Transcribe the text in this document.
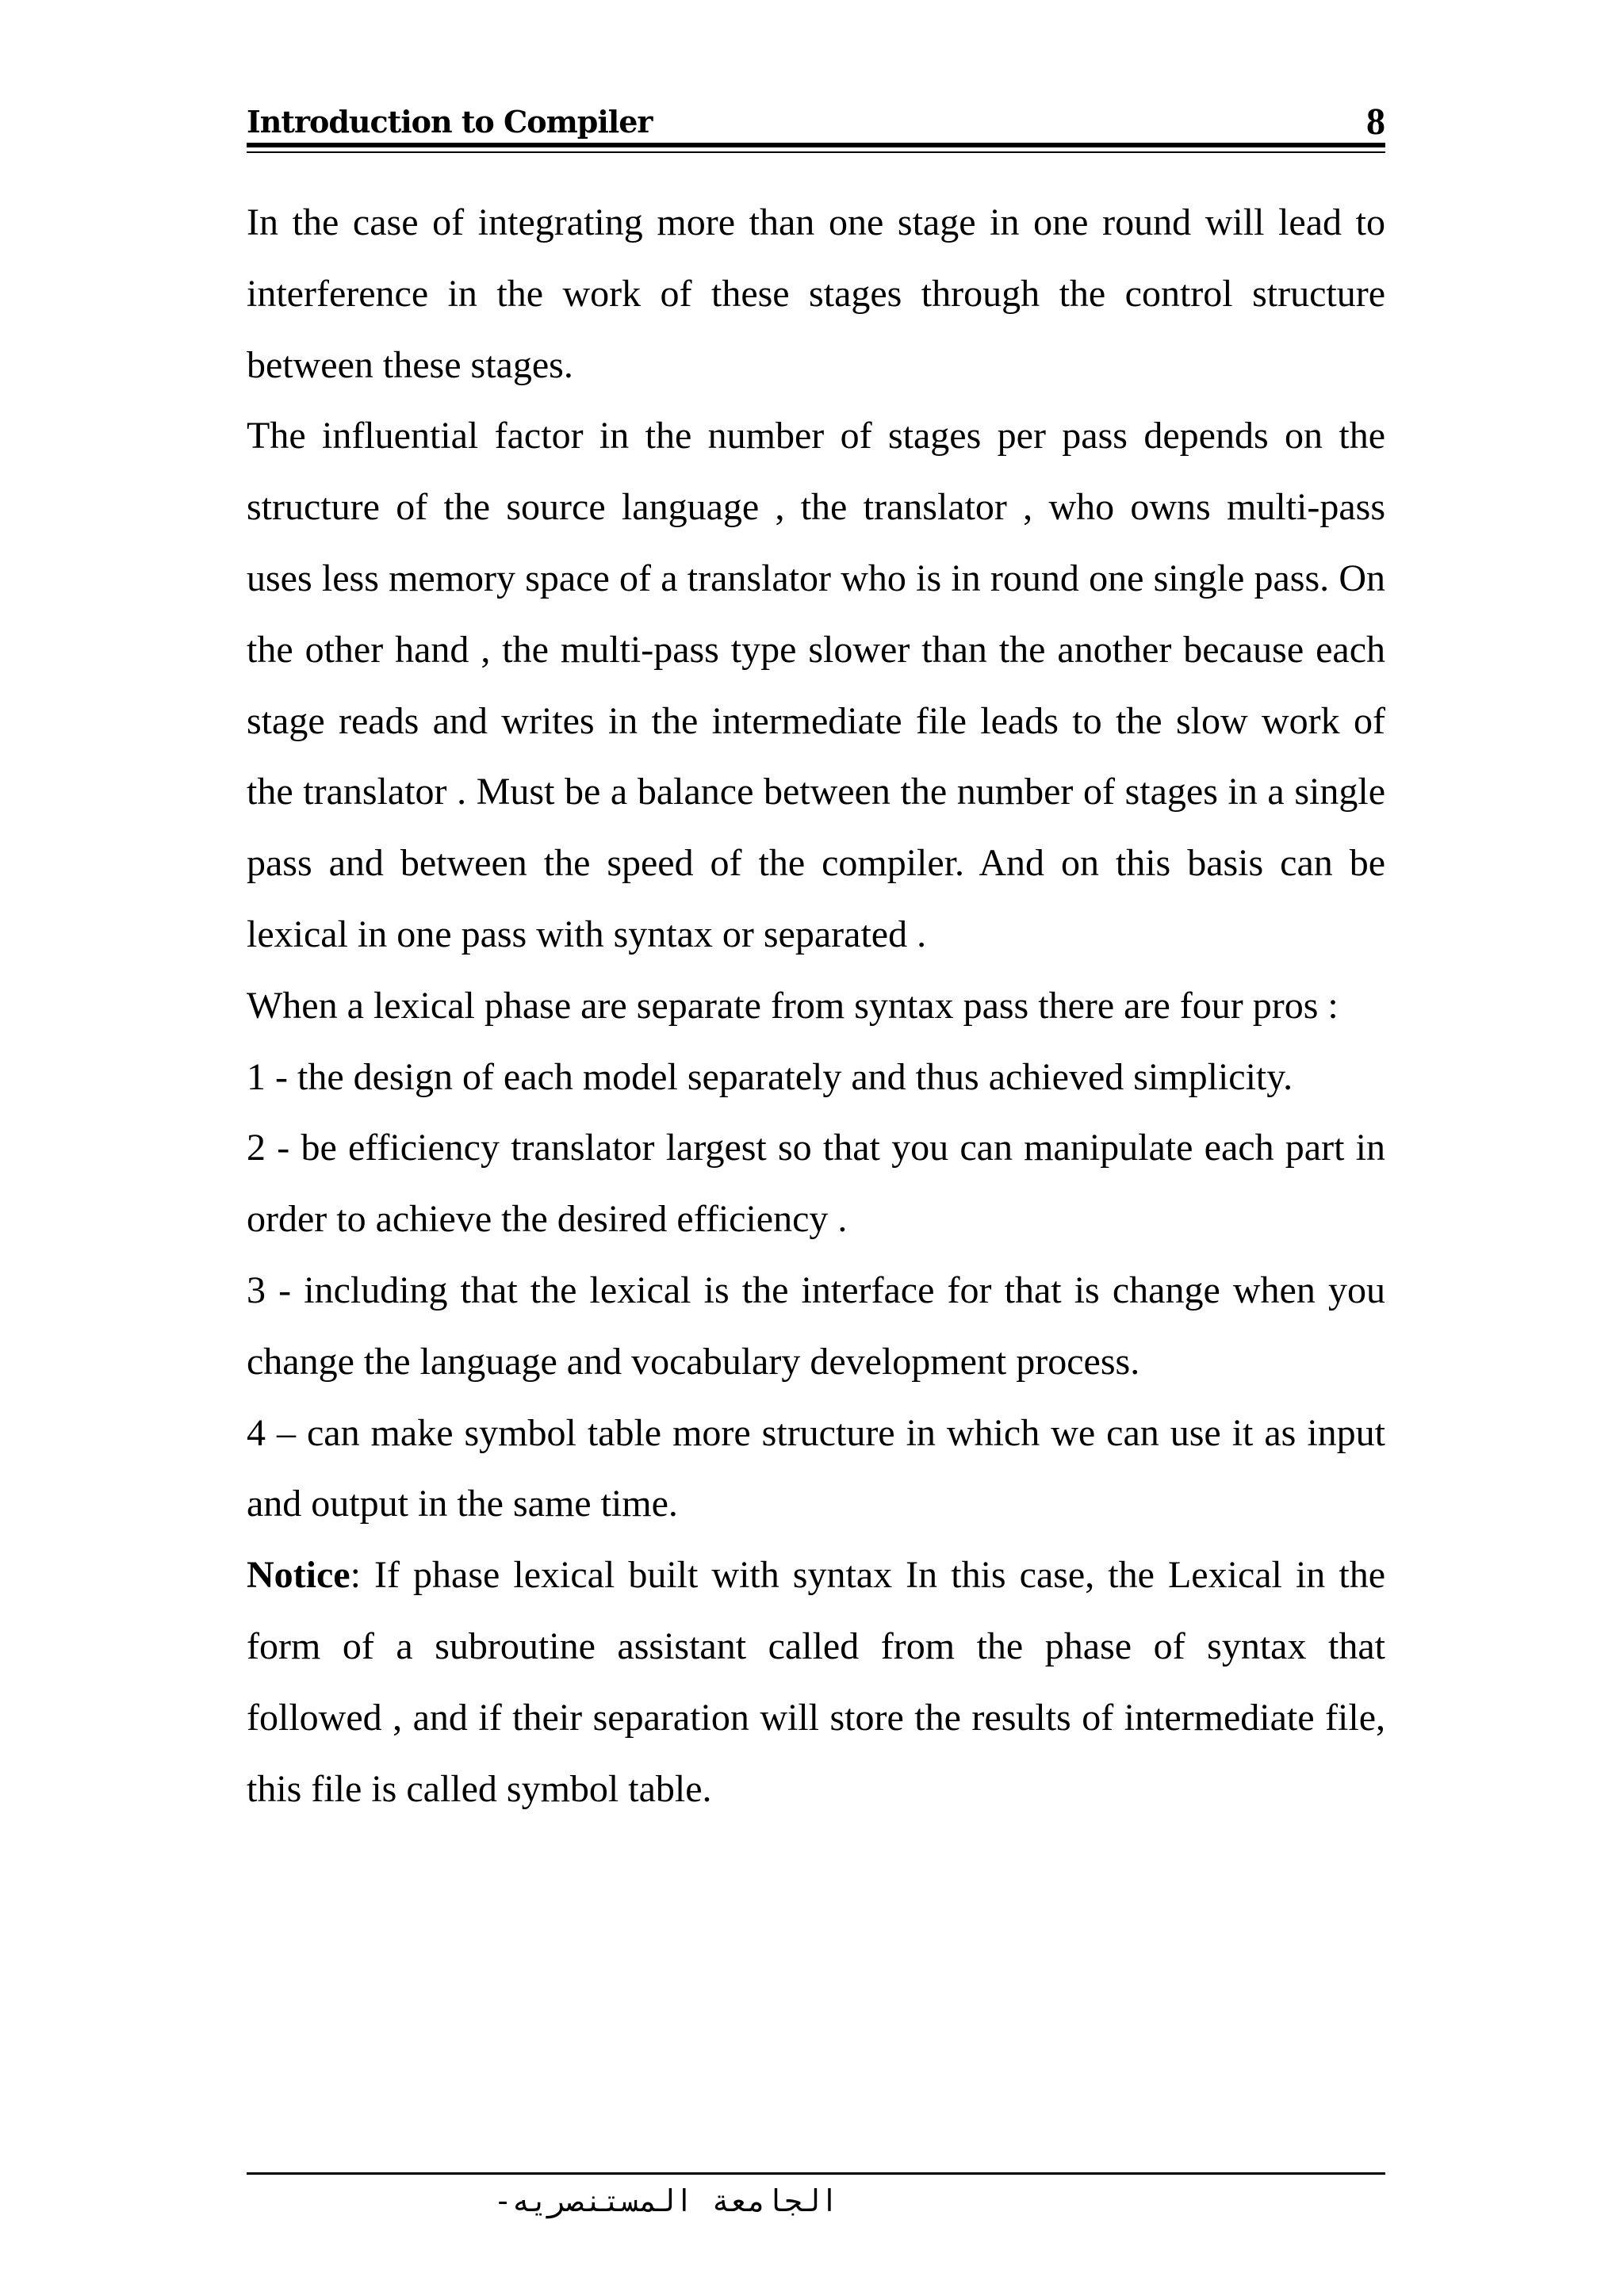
Introduction to Compiler	8

In the case of integrating more than one stage in one round will lead to interference in the work of these stages through the control structure between these stages.

The influential factor in the number of stages per pass depends on the structure of the source language , the translator , who owns multi-pass uses less memory space of a translator who is in round one single pass. On the other hand , the multi-pass type slower than the another because each stage reads and writes in the intermediate file leads to the slow work of the translator . Must be a balance between the number of stages in a single pass and between the speed of the compiler. And on this basis can be lexical in one pass with syntax or separated .

When a lexical phase are separate from syntax pass there are four pros :

1 - the design of each model separately and thus achieved simplicity.

2 - be efficiency translator largest so that you can manipulate each part in order to achieve the desired efficiency .

3 - including that the lexical is the interface for that is change when you change the language and vocabulary development process.

4 – can make symbol table more structure in which we can use it as input and output in the same time.

Notice: If phase lexical built with syntax In this case, the Lexical in the form of a subroutine assistant called from the phase of syntax that followed , and if their separation will store the results of intermediate file, this file is called symbol table.

الجامعة المستنصريه-
